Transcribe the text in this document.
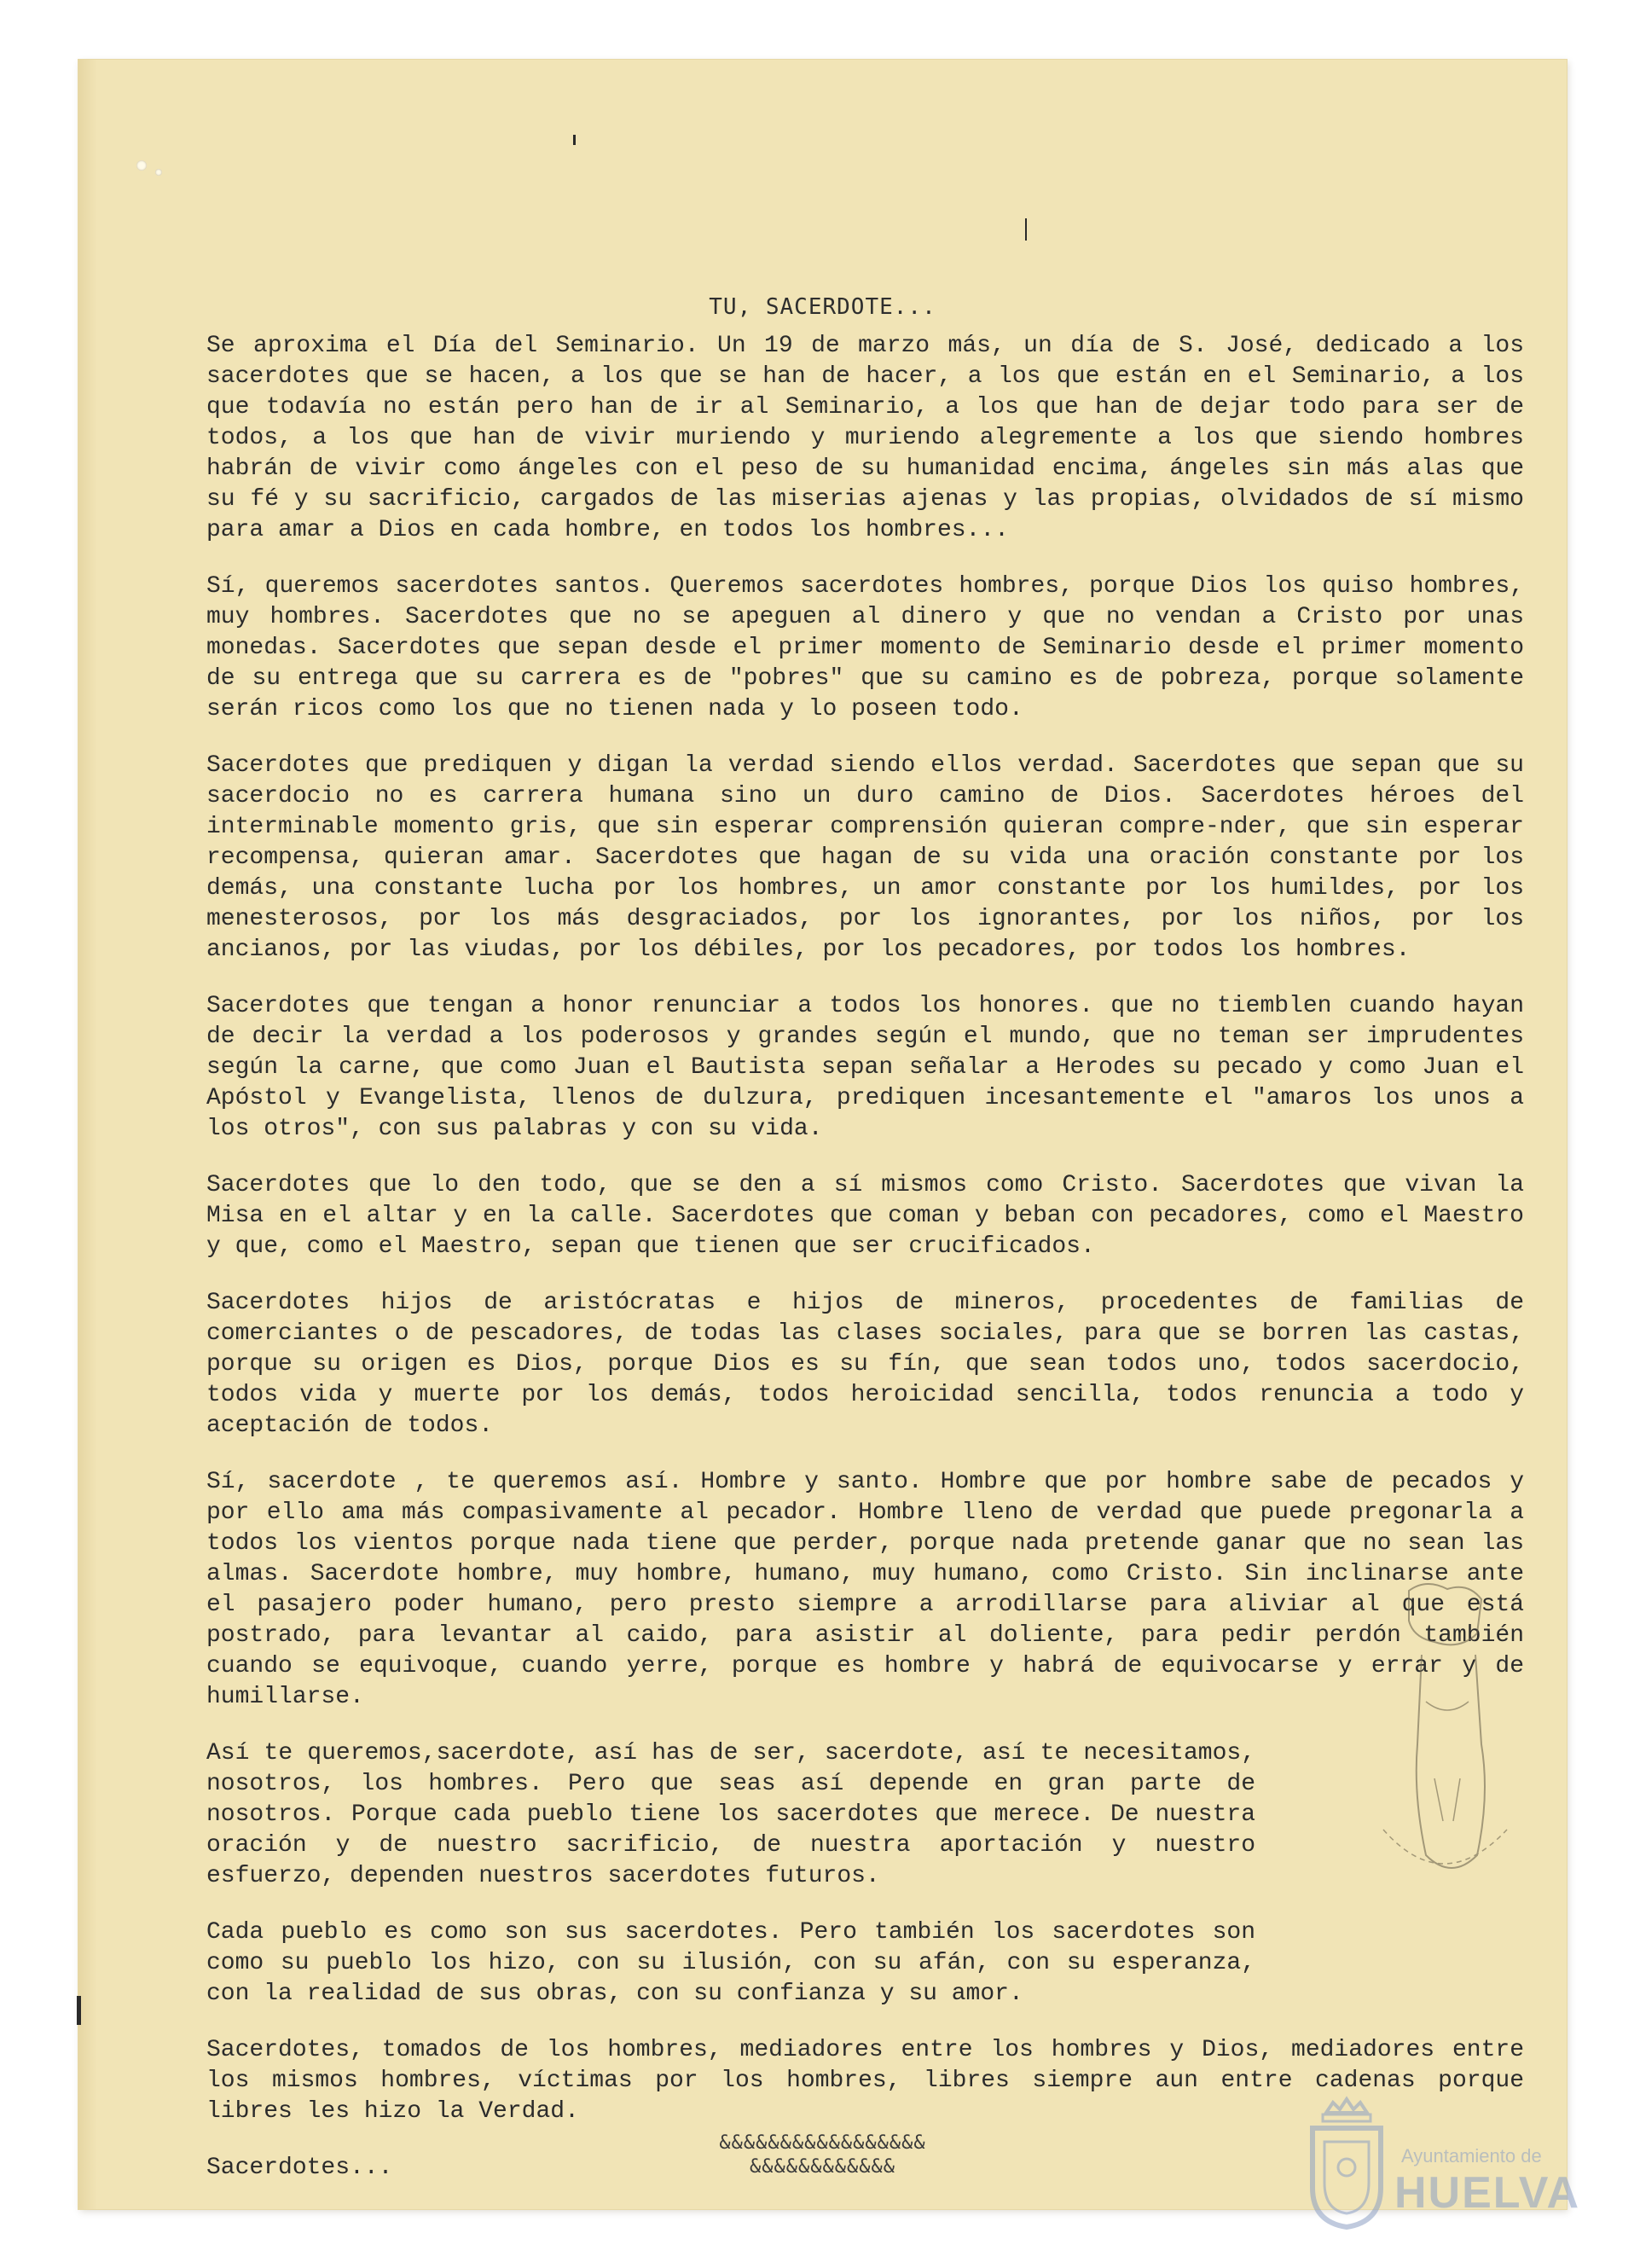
TU, SACERDOTE...

Se aproxima el Día del Seminario. Un 19 de marzo más, un día de S. José, dedicado a los sacerdotes que se hacen, a los que se han de hacer, a los que están en el Seminario, a los que todavía no están pero han de ir al Seminario, a los que han de dejar todo para ser de todos, a los que han de vivir muriendo y muriendo alegremente a los que siendo hombres habrán de vivir como ángeles con el peso de su humanidad encima, ángeles sin más alas que su fé y su sacrificio, cargados de las miserias ajenas y las propias, olvidados de sí mismo para amar a Dios en cada hombre, en todos los hombres...

Sí, queremos sacerdotes santos. Queremos sacerdotes hombres, porque Dios los quiso hombres, muy hombres. Sacerdotes que no se apeguen al dinero y que no vendan a Cristo por unas monedas. Sacerdotes que sepan desde el primer momento de Seminario desde el primer momento de su entrega que su carrera es de "pobres" que su camino es de pobreza, porque solamente serán ricos como los que no tienen nada y lo poseen todo.

Sacerdotes que prediquen y digan la verdad siendo ellos verdad. Sacerdotes que sepan que su sacerdocio no es carrera humana sino un duro camino de Dios. Sacerdotes héroes del interminable momento gris, que sin esperar comprensión quieran compre-nder, que sin esperar recompensa, quieran amar. Sacerdotes que hagan de su vida una oración constante por los demás, una constante lucha por los hombres, un amor constante por los humildes, por los menesterosos, por los más desgraciados, por los ignorantes, por los niños, por los ancianos, por las viudas, por los débiles, por los pecadores, por todos los hombres.

Sacerdotes que tengan a honor renunciar a todos los honores. que no tiemblen cuando hayan de decir la verdad a los poderosos y grandes según el mundo, que no teman ser imprudentes según la carne, que como Juan el Bautista sepan señalar a Herodes su pecado y como Juan el Apóstol y Evangelista, llenos de dulzura, prediquen incesantemente el "amaros los unos a los otros", con sus palabras y con su vida.

Sacerdotes que lo den todo, que se den a sí mismos como Cristo. Sacerdotes que vivan la Misa en el altar y en la calle. Sacerdotes que coman y beban con pecadores, como el Maestro y que, como el Maestro, sepan que tienen que ser crucificados.

Sacerdotes hijos de aristócratas e hijos de mineros, procedentes de familias de comerciantes o de pescadores, de todas las clases sociales, para que se borren las castas, porque su origen es Dios, porque Dios es su fín, que sean todos uno, todos sacerdocio, todos vida y muerte por los demás, todos heroicidad sencilla, todos renuncia a todo y aceptación de todos.

Sí, sacerdote , te queremos así. Hombre y santo. Hombre que por hombre sabe de pecados y por ello ama más compasivamente al pecador. Hombre lleno de verdad que puede pregonarla a todos los vientos porque nada tiene que perder, porque nada pretende ganar que no sean las almas. Sacerdote hombre, muy hombre, humano, muy humano, como Cristo. Sin inclinarse ante el pasajero poder humano, pero presto siempre a arrodillarse para aliviar al que está postrado, para levantar al caido, para asistir al doliente, para pedir perdón también cuando se equivoque, cuando yerre, porque es hombre y habrá de equivocarse y errar y de humillarse.

Así te queremos,sacerdote, así has de ser, sacerdote, así te necesitamos, nosotros, los hombres. Pero que seas así depende en gran parte de nosotros. Porque cada pueblo tiene los sacerdotes que merece. De nuestra oración y de nuestro sacrificio, de nuestra aportación y nuestro esfuerzo, dependen nuestros sacerdotes futuros.

Cada pueblo es como son sus sacerdotes. Pero también los sacerdotes son como su pueblo los hizo, con su ilusión, con su afán, con su esperanza, con la realidad de sus obras, con su confianza y su amor.

Sacerdotes, tomados de los hombres, mediadores entre los hombres y Dios, mediadores entre los mismos hombres, víctimas por los hombres, libres siempre aun entre cadenas porque libres les hizo la Verdad.

Sacerdotes...

&&&&&&&&&&&&&&&&&
&&&&&&&&&&&&
Ayuntamiento de
HUELVA
